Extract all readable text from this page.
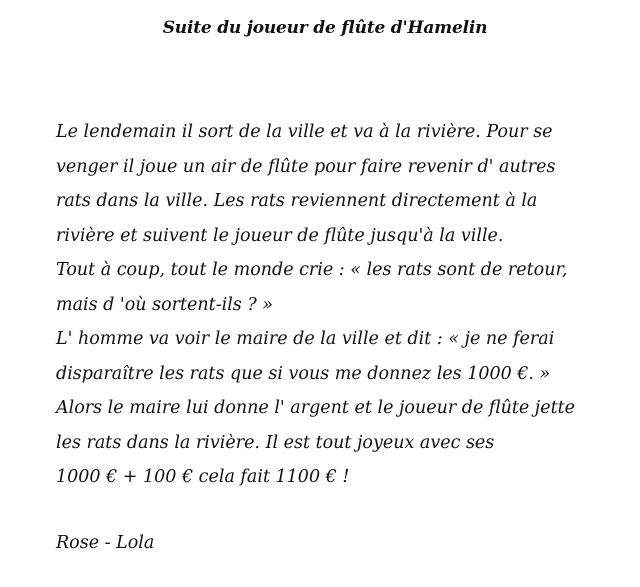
Suite du joueur de flûte d'Hamelin
Le lendemain il sort de la ville et va à la rivière. Pour se
venger il joue un air de flûte pour faire revenir d' autres
rats dans la ville. Les rats reviennent directement à la
rivière et suivent le joueur de flûte jusqu'à la ville.
Tout à coup, tout le monde crie : « les rats sont de retour,
mais d 'où sortent-ils ? »
L' homme va voir le maire de la ville et dit : « je ne ferai
disparaître les rats que si vous me donnez les 1000 €. »
Alors le maire lui donne l' argent et le joueur de flûte jette
les rats dans la rivière. Il est tout joyeux avec ses
1000 € + 100 € cela fait 1100 € !
Rose - Lola
